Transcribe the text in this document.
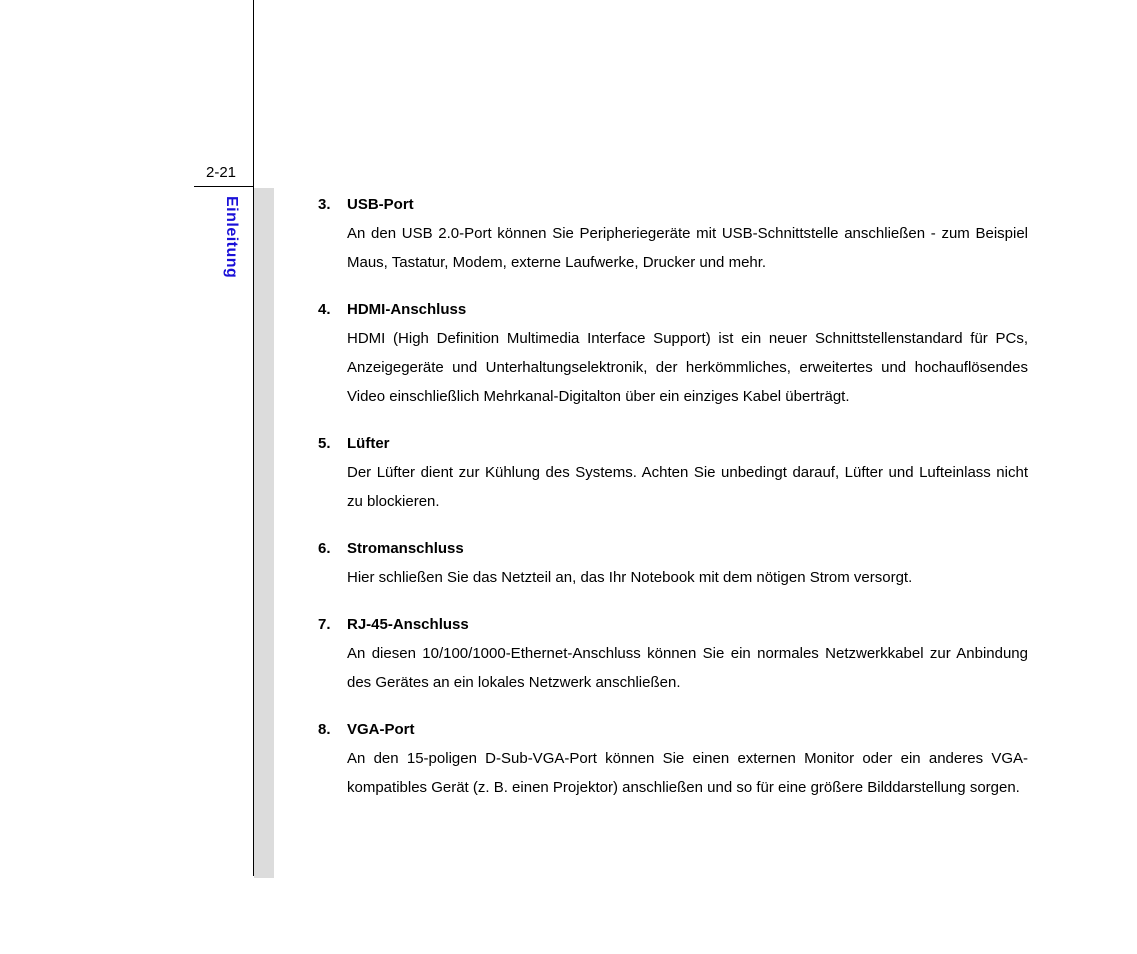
2-21
Einleitung	3.	USB-Port
An den USB 2.0-Port können Sie Peripheriegeräte mit USB-Schnittstelle anschließen - zum Beispiel Maus, Tastatur, Modem, externe Laufwerke, Drucker und mehr.
4.	HDMI-Anschluss
HDMI (High Definition Multimedia Interface Support) ist ein neuer Schnittstellenstandard für PCs, Anzeigegeräte und Unterhaltungselektronik, der herkömmliches, erweitertes und hochauflösendes Video einschließlich Mehrkanal-Digitalton über ein einziges Kabel überträgt.
5.	Lüfter
Der Lüfter dient zur Kühlung des Systems. Achten Sie unbedingt darauf, Lüfter und Lufteinlass nicht zu blockieren.
6.	Stromanschluss
Hier schließen Sie das Netzteil an, das Ihr Notebook mit dem nötigen Strom versorgt.
7.	RJ-45-Anschluss
An diesen 10/100/1000-Ethernet-Anschluss können Sie ein normales Netzwerkkabel zur Anbindung des Gerätes an ein lokales Netzwerk anschließen.
8.	VGA-Port
An den 15-poligen D-Sub-VGA-Port können Sie einen externen Monitor oder ein anderes VGA-kompatibles Gerät (z. B. einen Projektor) anschließen und so für eine größere Bilddarstellung sorgen.
